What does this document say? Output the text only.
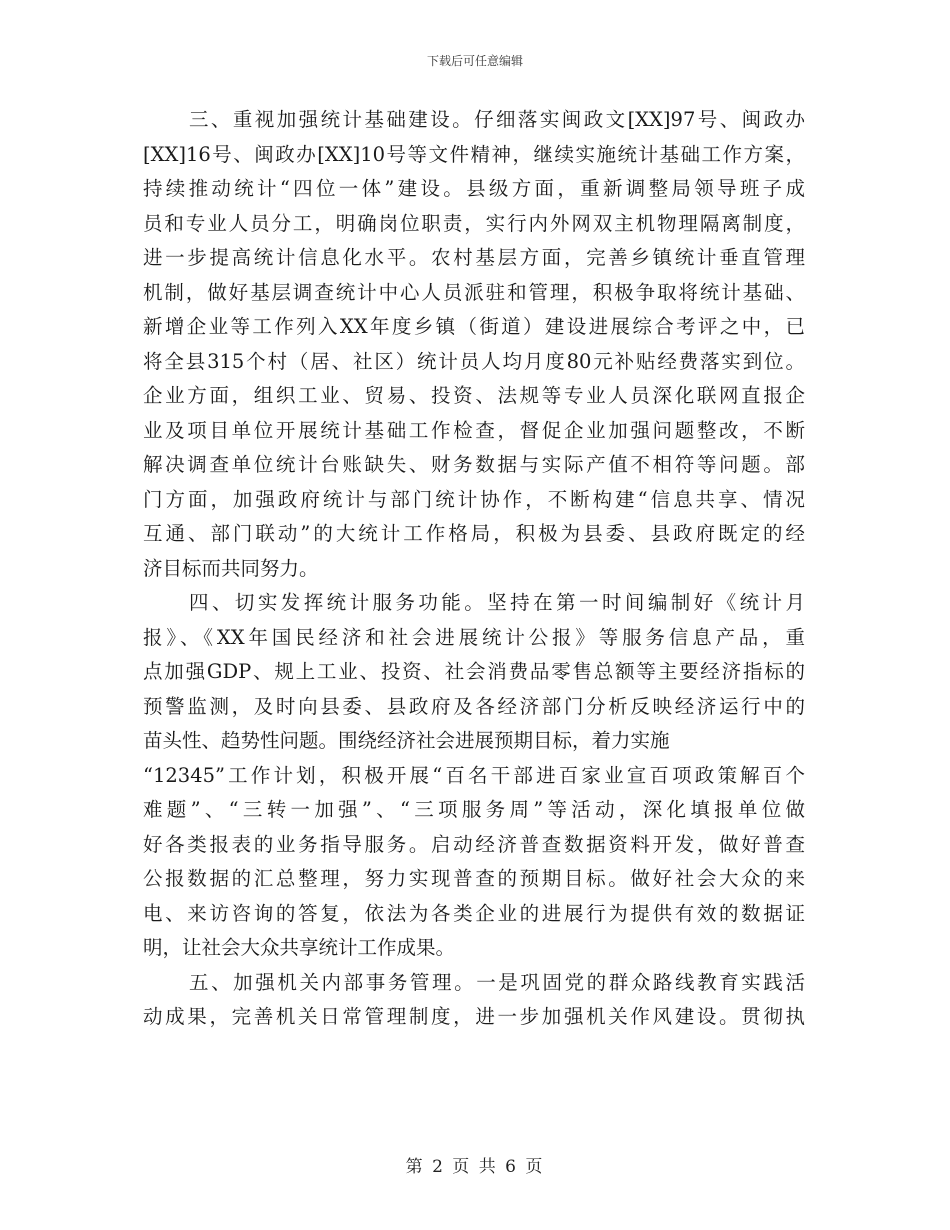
下载后可任意编辑
三、重视加强统计基础建设。仔细落实闽政文[XX]97号、闽政办
[XX]16号、闽政办[XX]10号等文件精神，继续实施统计基础工作方案，
持续推动统计“四位一体”建设。县级方面，重新调整局领导班子成
员和专业人员分工，明确岗位职责，实行内外网双主机物理隔离制度，
进一步提高统计信息化水平。农村基层方面，完善乡镇统计垂直管理
机制，做好基层调查统计中心人员派驻和管理，积极争取将统计基础、
新增企业等工作列入XX年度乡镇（街道）建设进展综合考评之中，已
将全县315个村（居、社区）统计员人均月度80元补贴经费落实到位。
企业方面，组织工业、贸易、投资、法规等专业人员深化联网直报企
业及项目单位开展统计基础工作检查，督促企业加强问题整改，不断
解决调查单位统计台账缺失、财务数据与实际产值不相符等问题。部
门方面，加强政府统计与部门统计协作，不断构建“信息共享、情况
互通、部门联动”的大统计工作格局，积极为县委、县政府既定的经
济目标而共同努力。
四、切实发挥统计服务功能。坚持在第一时间编制好《统计月
报》、《XX年国民经济和社会进展统计公报》等服务信息产品，重
点加强GDP、规上工业、投资、社会消费品零售总额等主要经济指标的
预警监测，及时向县委、县政府及各经济部门分析反映经济运行中的
苗头性、趋势性问题。围绕经济社会进展预期目标，着力实施
“12345”工作计划，积极开展“百名干部进百家业宣百项政策解百个
难题”、“三转一加强”、“三项服务周”等活动，深化填报单位做
好各类报表的业务指导服务。启动经济普查数据资料开发，做好普查
公报数据的汇总整理，努力实现普查的预期目标。做好社会大众的来
电、来访咨询的答复，依法为各类企业的进展行为提供有效的数据证
明，让社会大众共享统计工作成果。
五、加强机关内部事务管理。一是巩固党的群众路线教育实践活
动成果，完善机关日常管理制度，进一步加强机关作风建设。贯彻执
第 2 页 共 6 页
